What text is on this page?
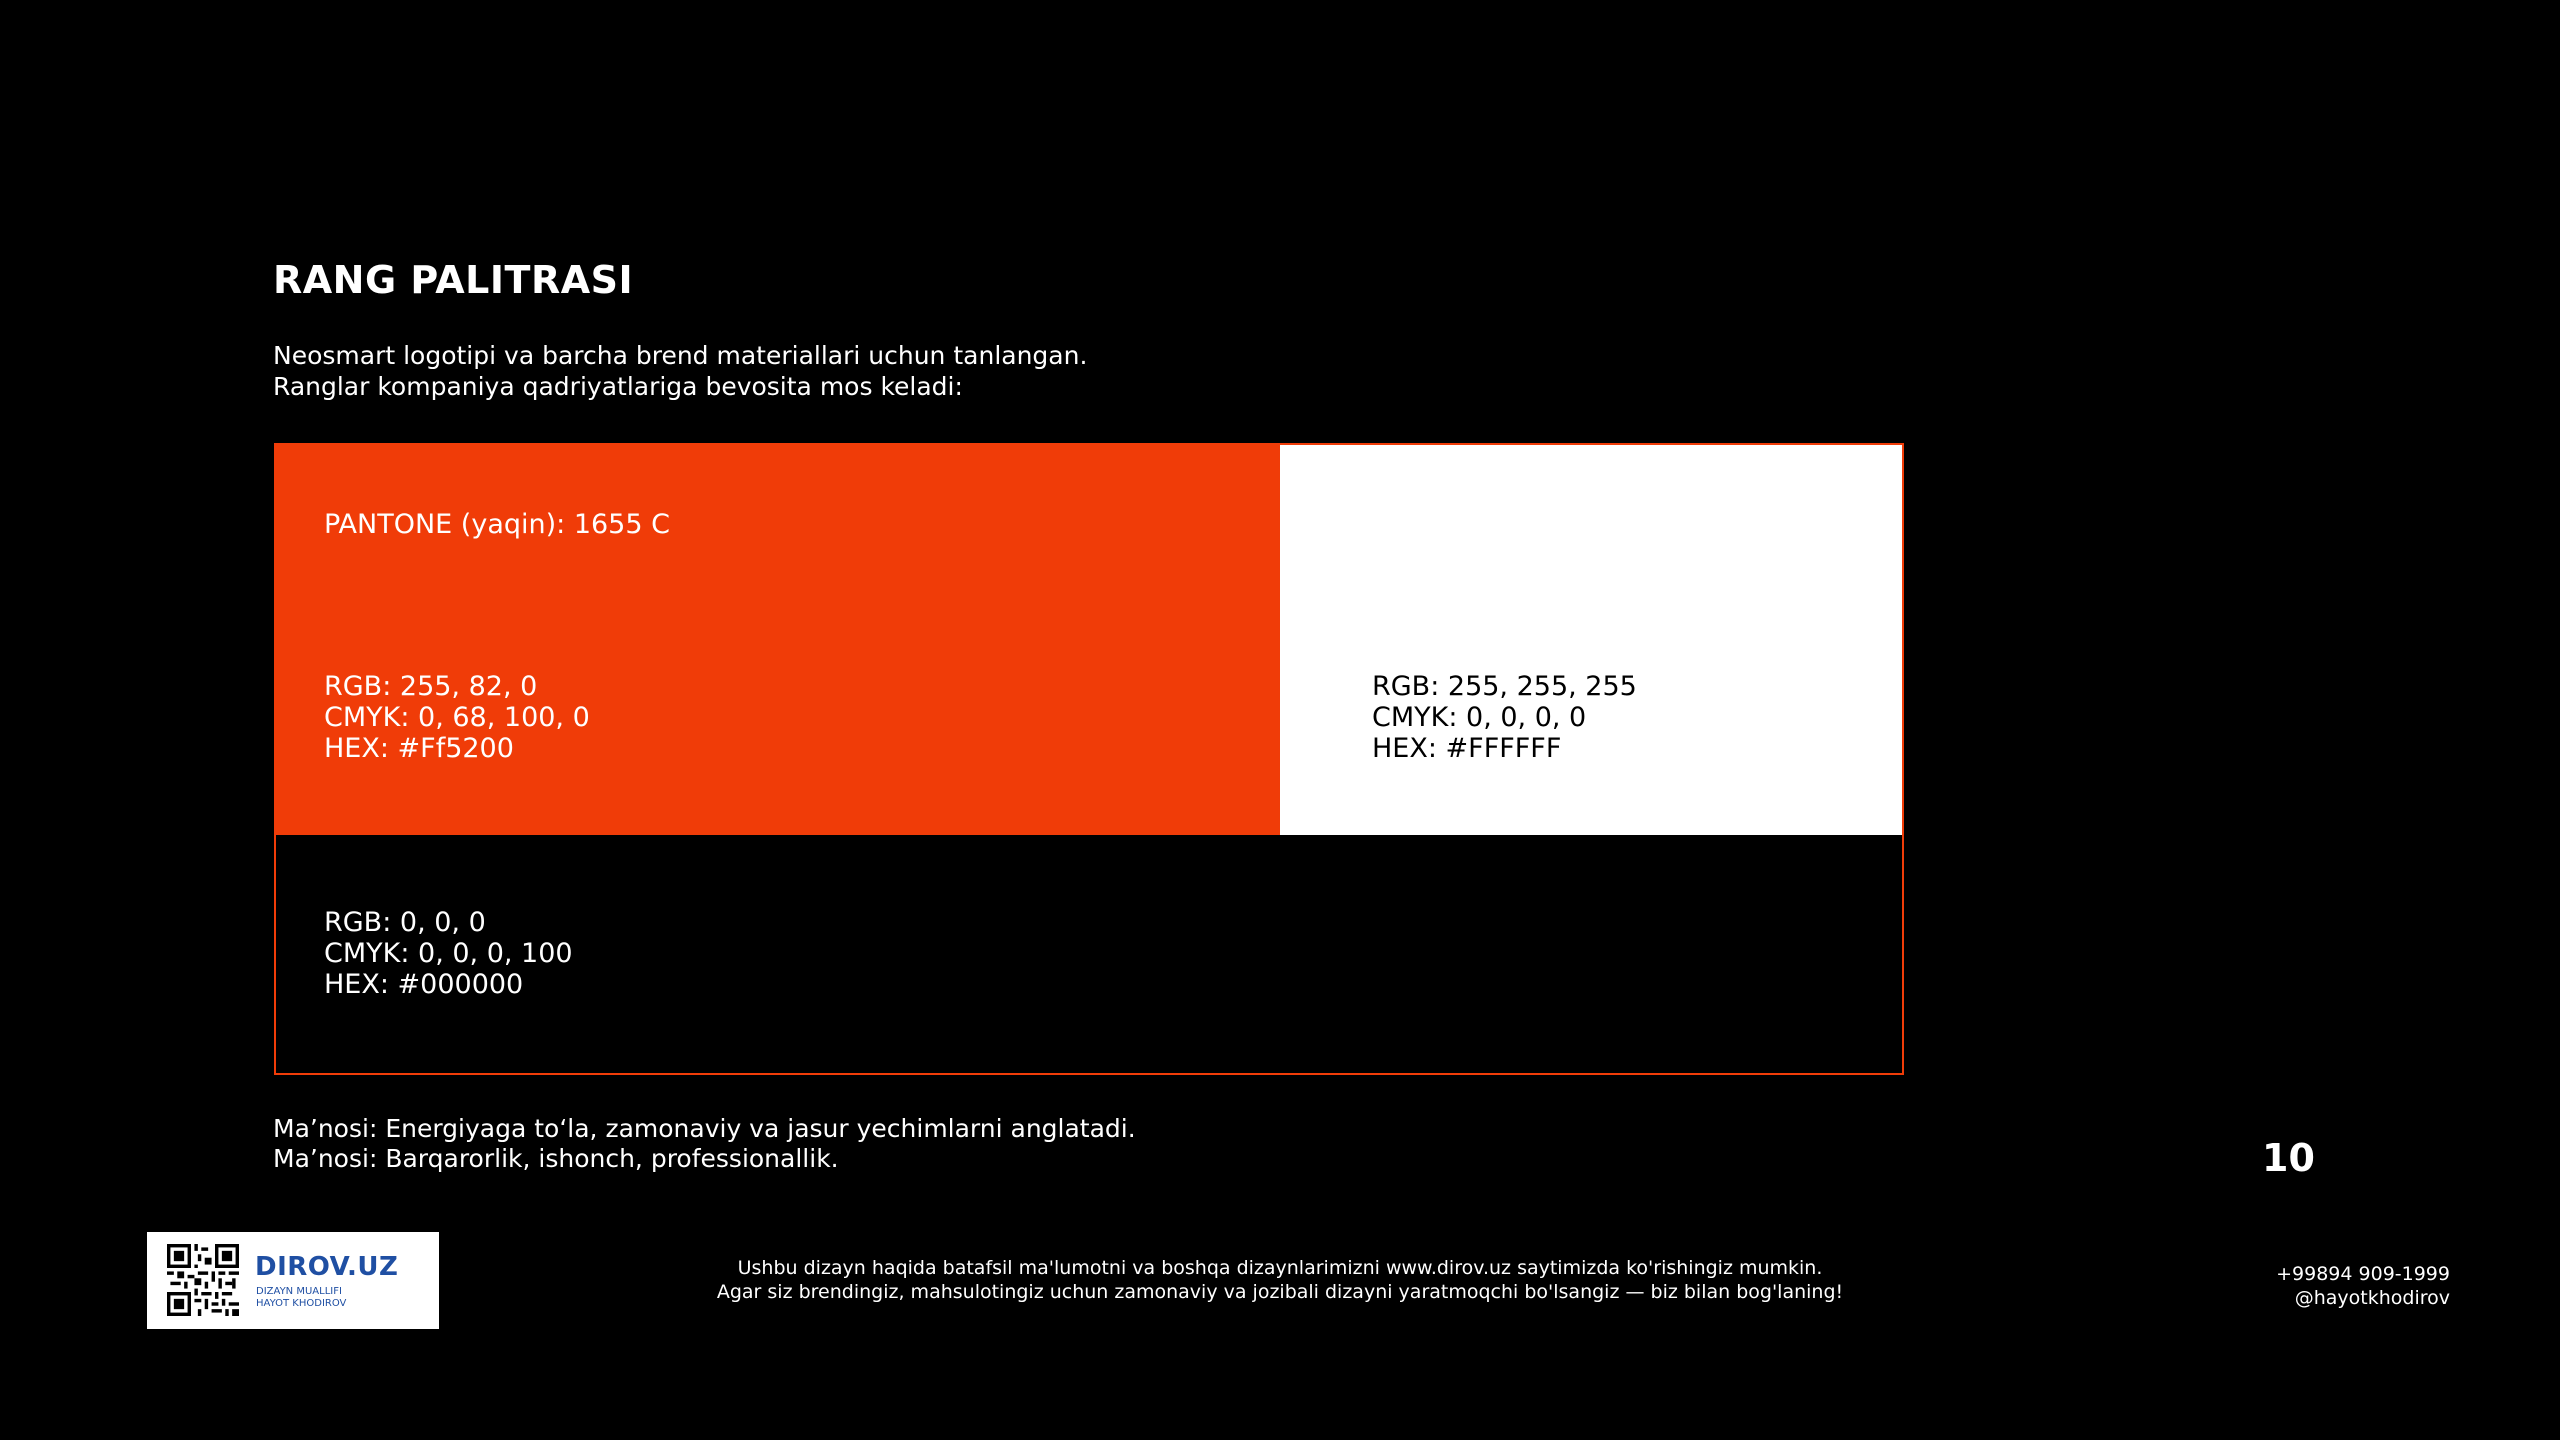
RANG PALITRASI
Neosmart logotipi va barcha brend materiallari uchun tanlangan.
Ranglar kompaniya qadriyatlariga bevosita mos keladi:
PANTONE (yaqin): 1655 C
RGB: 255, 82, 0
CMYK: 0, 68, 100, 0
HEX: #Ff5200
RGB: 255, 255, 255
CMYK: 0, 0, 0, 0
HEX: #FFFFFF
RGB: 0, 0, 0
CMYK: 0, 0, 0, 100
HEX: #000000
Ma’nosi: Energiyaga to‘la, zamonaviy va jasur yechimlarni anglatadi.
Ma’nosi: Barqarorlik, ishonch, professionallik.	10
DIROV.UZ
DIZAYN MUALLIFI
HAYOT KHODIROV
Ushbu dizayn haqida batafsil ma'lumotni va boshqa dizaynlarimizni www.dirov.uz saytimizda ko'rishingiz mumkin.
Agar siz brendingiz, mahsulotingiz uchun zamonaviy va jozibali dizayni yaratmoqchi bo'lsangiz — biz bilan bog'laning!
+99894 909-1999
@hayotkhodirov
